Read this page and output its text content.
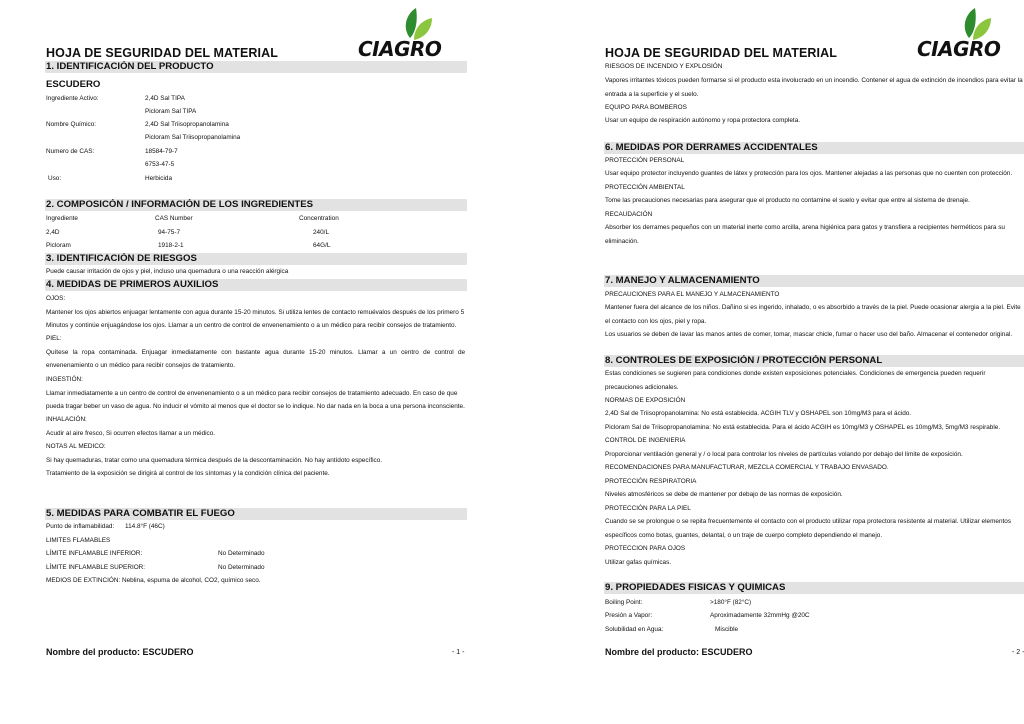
CIAGRO
HOJA DE SEGURIDAD DEL MATERIAL
1. IDENTIFICACIÓN DEL PRODUCTO
ESCUDERO
Ingrediente Activo:	2,4D Sal TIPA
Picloram Sal TIPA
Nombre Químico:	2,4D Sal Triisopropanolamina
Picloram Sal Triisopropanolamina
Numero de CAS:	18584-79-7
6753-47-5
Uso:	Herbicida
2. COMPOSICÓN / INFORMACIÓN DE LOS INGREDIENTES
Ingrediente	CAS Number	Concentration
2,4D	94-75-7	240/L
Picloram	1918-2-1	64G/L
3. IDENTIFICACIÓN DE RIESGOS
Puede causar irritación de ojos y piel, incluso una quemadura o una reacción alérgica
4. MEDIDAS DE PRIMEROS AUXILIOS
OJOS:
Mantener los ojos abiertos enjuagar lentamente con agua durante 15-20 minutos. Si utiliza lentes de contacto remuévalos después de los primero 5
Minutos y continúe enjuagándose los ojos. Llamar a un centro de control de envenenamiento o a un médico para recibir consejos de tratamiento.
PIEL:
Quítese la ropa contaminada. Enjuagar inmediatamente con bastante agua durante 15-20 minutos. Llamar a un centro de control de
envenenamiento o un médico para recibir consejos de tratamiento.
INGESTIÓN:
Llamar inmediatamente a un centro de control de envenenamiento o a un médico para recibir consejos de tratamiento adecuado. En caso de que
pueda tragar beber un vaso de agua. No inducir el vómito al menos que el doctor se lo indique. No dar nada en la boca a una persona inconsciente.
INHALACIÓN:
Acudir al aire fresco, Si ocurren efectos llamar a un médico.
NOTAS AL MEDICO:
Si hay quemaduras, tratar como una quemadura térmica después de la descontaminación. No hay antídoto específico.
Tratamiento de la exposición se dirigirá al control de los síntomas y la condición clínica del paciente.
5. MEDIDAS PARA COMBATIR EL FUEGO
Punto de inflamabilidad: 114.8°F (46C)
LIMITES FLAMABLES
LÍMITE INFLAMABLE INFERIOR:	No Determinado
LÍMITE INFLAMABLE SUPERIOR:	No Determinado
MEDIOS DE EXTINCIÓN: Neblina, espuma de alcohol, CO2, químico seco.
Nombre del producto: ESCUDERO	- 1 -
CIAGRO
HOJA DE SEGURIDAD DEL MATERIAL
RIESGOS DE INCENDIO Y EXPLOSIÓN
Vapores irritantes tóxicos pueden formarse si el producto esta involucrado en un incendio. Contener el agua de extinción de incendios para evitar la
entrada a la superficie y el suelo.
EQUIPO PARA BOMBEROS
Usar un equipo de respiración autónomo y ropa protectora completa.
6. MEDIDAS POR DERRAMES ACCIDENTALES
PROTECCIÓN PERSONAL
Usar equipo protector incluyendo guantes de látex y protección para los ojos. Mantener alejadas a las personas que no cuenten con protección.
PROTECCIÓN AMBIENTAL
Tome las precauciones necesarias para asegurar que el producto no contamine el suelo y evitar que entre al sistema de drenaje.
RECAUDACIÓN
Absorber los derrames pequeños con un material inerte como arcilla, arena higiénica para gatos y transfiera a recipientes herméticos para su
eliminación.
7. MANEJO Y ALMACENAMIENTO
PRECAUCIONES PARA EL MANEJO Y ALMACENAMIENTO
Mantener fuera del alcance de los niños. Dañino si es ingerido, inhalado, o es absorbido a través de la piel. Puede ocasionar alergia a la piel. Evite
el contacto con los ojos, piel y ropa.
Los usuarios se deben de lavar las manos antes de comer, tomar, mascar chicle, fumar o hacer uso del baño. Almacenar el contenedor original.
8. CONTROLES DE EXPOSICIÓN / PROTECCIÓN PERSONAL
Estas condiciones se sugieren para condiciones donde existen exposiciones potenciales. Condiciones de emergencia pueden requerir
precauciones adicionales.
NORMAS DE EXPOSICIÓN
2,4D Sal de Triisopropanolamina: No está establecida. ACGIH TLV y OSHAPEL son 10mg/M3 para el ácido.
Picloram Sal de Triisopropanolamina: No está establecida. Para el ácido ACGIH es 10mg/M3 y OSHAPEL es 10mg/M3, 5mg/M3 respirable.
CONTROL DE INGENIERIA
Proporcionar ventilación general y / o local para controlar los niveles de partículas volando por debajo del límite de exposición.
RECOMENDACIONES PARA MANUFACTURAR, MEZCLA COMERCIAL Y TRABAJO ENVASADO.
PROTECCIÓN RESPIRATORIA
Niveles atmosféricos se debe de mantener por debajo de las normas de exposición.
PROTECCIÓN PARA LA PIEL
Cuando se se prolongue o se repita frecuentemente el contacto con el producto utilizar ropa protectora resistente al material. Utilizar elementos
específicos como botas, guantes, delantal, o un traje de cuerpo completo dependiendo el manejo.
PROTECCION PARA OJOS
Utilizar gafas químicas.
9. PROPIEDADES FISICAS Y QUIMICAS
Boiling Point:	>180°F (82°C)
Presión a Vapor:	Aproximadamente 32mmHg @20C
Solubilidad en Agua:	Miscible
Nombre del producto: ESCUDERO	- 2 -
